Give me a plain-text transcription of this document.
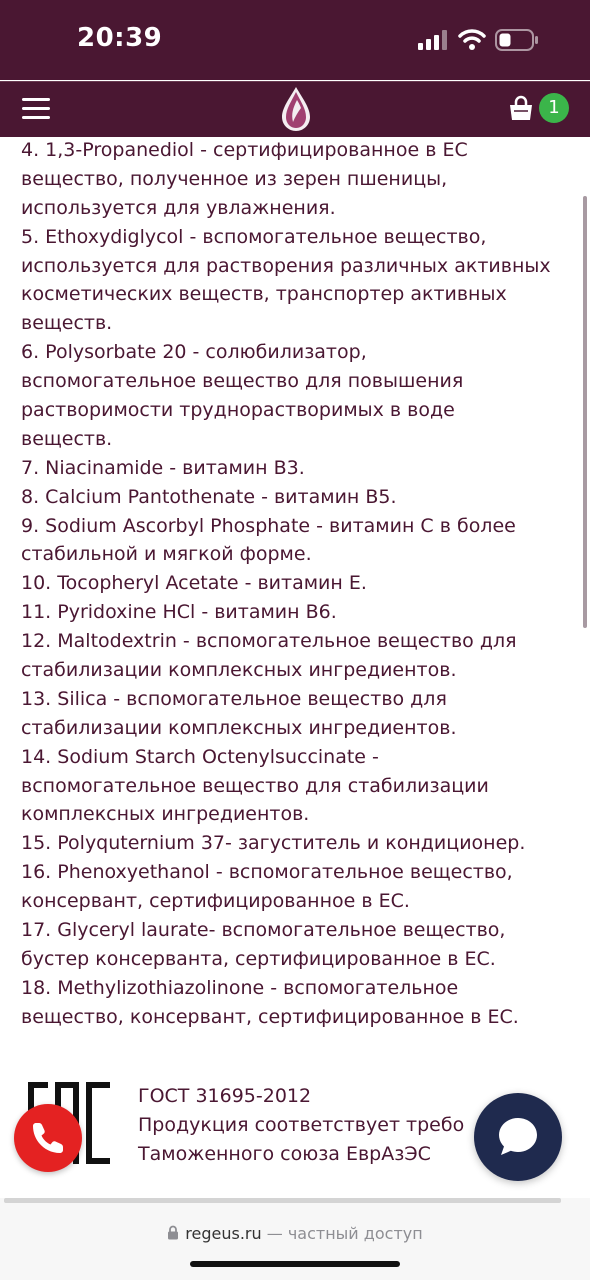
20:39
1
4. 1,3-Propanediol - сертифицированное в ЕС
вещество, полученное из зерен пшеницы,
используется для увлажнения.
5. Ethoxydiglycol - вспомогательное вещество,
используется для растворения различных активных
косметических веществ, транспортер активных
веществ.
6. Polysorbate 20 - солюбилизатор,
вспомогательное вещество для повышения
растворимости труднорастворимых в воде
веществ.
7. Niacinamide - витамин В3.
8. Calcium Pantothenate - витамин В5.
9. Sodium Ascorbyl Phosphate - витамин С в более
стабильной и мягкой форме.
10. Tocopheryl Acetate - витамин Е.
11. Pyridoxine HCl - витамин В6.
12. Maltodextrin - вспомогательное вещество для
стабилизации комплексных ингредиентов.
13. Silica - вспомогательное вещество для
стабилизации комплексных ингредиентов.
14. Sodium Starch Octenylsuccinate -
вспомогательное вещество для стабилизации
комплексных ингредиентов.
15. Polyquternium 37- загуститель и кондиционер.
16. Phenoxyethanol - вспомогательное вещество,
консервант, сертифицированное в ЕС.
17. Glyceryl laurate- вспомогательное вещество,
бустер консерванта, сертифицированное в ЕС.
18. Methylizothiazolinone - вспомогательное
вещество, консервант, сертифицированное в ЕС.
ГОСТ 31695-2012
Продукция соответствует требо
Таможенного союза ЕврАзЭС
regeus.ru — частный доступ
